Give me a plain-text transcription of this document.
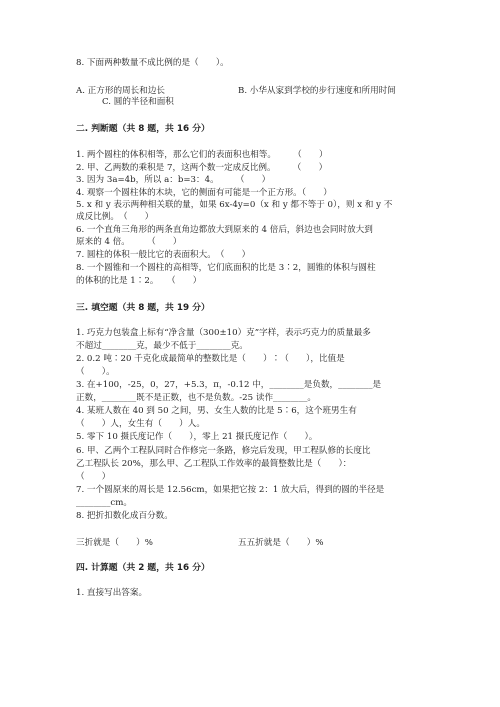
8. 下面两种数量不成比例的是（　　）。
A. 正方形的周长和边长	B. 小华从家到学校的步行速度和所用时间
C. 圆的半径和面积
二. 判断题（共 8 题，共 16 分）
1. 两个圆柱的体积相等，那么它们的表面积也相等。　　　（　　）
2. 甲、乙两数的乘积是 7，这两个数一定成反比例。　　　（　　）
3. 因为 3a=4b，所以 a：b=3：4。　　　（　　）
4. 观察一个圆柱体的木块，它的侧面有可能是一个正方形。（　　）
5. x 和 y 表示两种相关联的量，如果 6x-4y=0（x 和 y 都不等于 0），则 x 和 y 不
成反比例。　（　　）
6. 一个直角三角形的两条直角边都放大到原来的 4 倍后，斜边也会同时放大到
原来的 4 倍。　　　（　　）
7. 圆柱的体积一般比它的表面积大。　（　　）
8. 一个圆锥和一个圆柱的高相等，它们底面积的比是 3∶2，圆锥的体积与圆柱
的体积的比是 1∶2。　　（　　）
三. 填空题（共 8 题，共 19 分）
1. 巧克力包装盒上标有“净含量（300±10）克”字样，表示巧克力的质量最多
不超过________克，最少不低于________克。
2. 0.2 吨∶20 千克化成最简单的整数比是（　　）∶（　　），比值是
（　　）。
3. 在+100，-25，0，27，+5.3，π，-0.12 中，________是负数，________是
正数，________既不是正数，也不是负数。-25 读作________。
4. 某班人数在 40 到 50 之间，男、女生人数的比是 5∶6，这个班男生有
（　　）人，女生有（　　）人。
5. 零下 10 摄氏度记作（　　），零上 21 摄氏度记作（　　）。
6. 甲、乙两个工程队同时合作修完一条路，修完后发现，甲工程队修的长度比
乙工程队长 20%，那么甲、乙工程队工作效率的最简整数比是（　　）：
（　　）
7. 一个圆原来的周长是 12.56cm，如果把它按 2：1 放大后，得到的圆的半径是
________cm。
8. 把折扣数化成百分数。
三折就是（　　）%	五五折就是（　　）%
四. 计算题（共 2 题，共 16 分）
1. 直接写出答案。
